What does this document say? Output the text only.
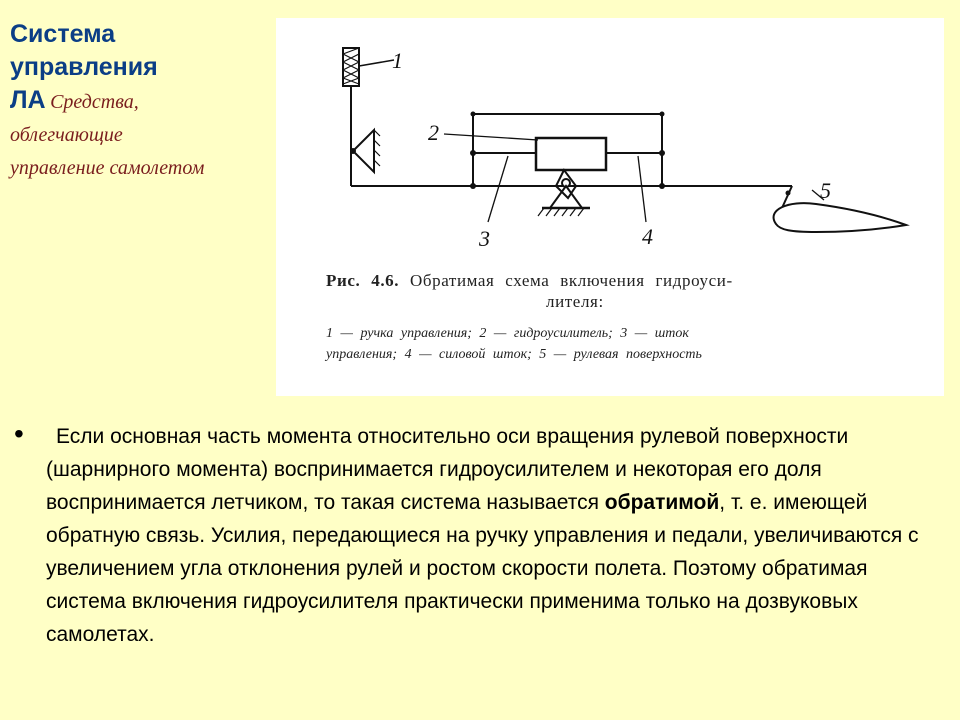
Система
управления
ЛА Средства,
облегчающие
управление самолетом
1
2
3	4
5
Рис. 4.6. Обратимая схема включения гидроуси-
лителя:
1 — ручка управления; 2 — гидроусилитель; 3 — шток
управления; 4 — силовой шток; 5 — рулевая поверхность
•	Если основная часть момента относительно оси вращения рулевой поверхности (шарнирного момента) воспринимается гидроусилителем и некоторая его доля воспринимается летчиком, то такая система называется обратимой, т. е. имеющей обратную связь. Усилия, передающиеся на ручку управления и педали, увеличиваются с увеличением угла отклонения рулей и ростом скорости полета. Поэтому обратимая система включения гидроусилителя практически применима только на дозвуковых самолетах.
